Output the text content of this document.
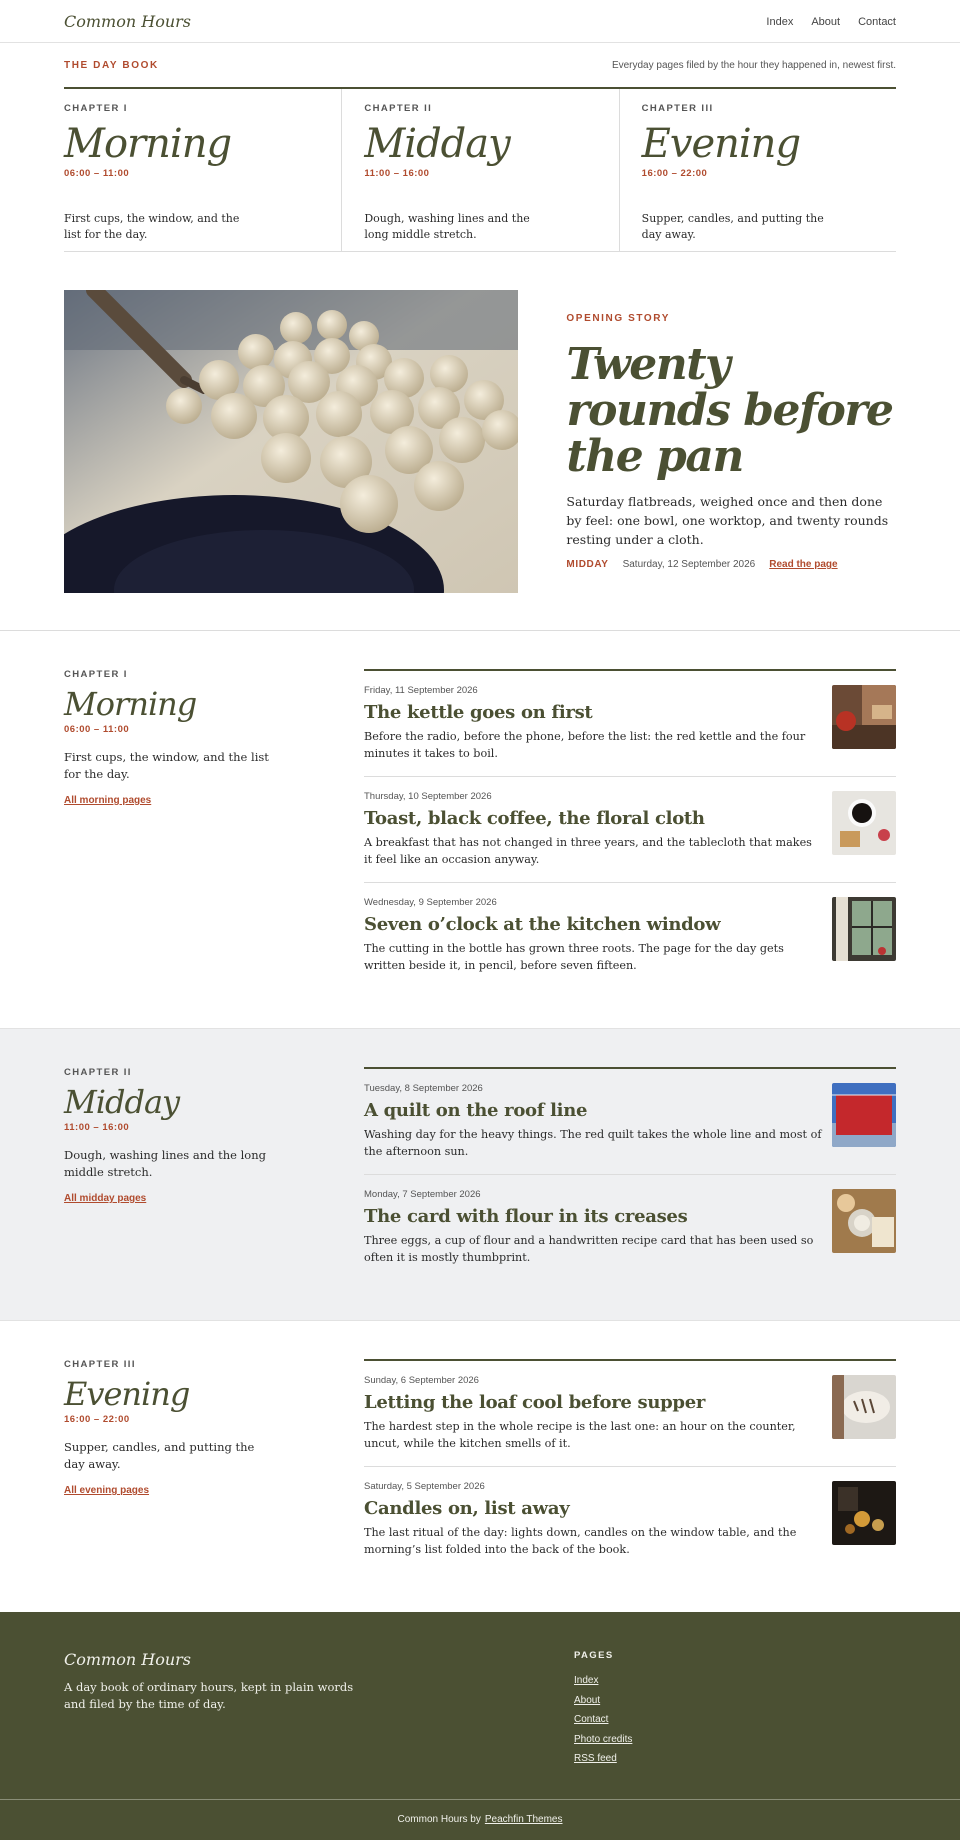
Common Hours	Index About Contact
THE DAY BOOK	Everyday pages filed by the hour they happened in, newest first.
CHAPTER I
Morning
06:00 – 11:00
First cups, the window, and the list for the day.
CHAPTER II
Midday
11:00 – 16:00
Dough, washing lines and the long middle stretch.
CHAPTER III
Evening
16:00 – 22:00
Supper, candles, and putting the day away.
OPENING STORY
Twenty rounds before the pan

Saturday flatbreads, weighed once and then done by feel: one bowl, one worktop, and twenty rounds resting under a cloth.

MIDDAY Saturday, 12 September 2026 Read the page
CHAPTER I
Morning
06:00 – 11:00
First cups, the window, and the list for the day.
All morning pages
Friday, 11 September 2026
The kettle goes on first

Before the radio, before the phone, before the list: the red kettle and the four minutes it takes to boil.

Thursday, 10 September 2026
Toast, black coffee, the floral cloth

A breakfast that has not changed in three years, and the tablecloth that makes it feel like an occasion anyway.

Wednesday, 9 September 2026
Seven o’clock at the kitchen window

The cutting in the bottle has grown three roots. The page for the day gets written beside it, in pencil, before seven fifteen.

CHAPTER II
Midday
11:00 – 16:00
Dough, washing lines and the long middle stretch.
All midday pages
Tuesday, 8 September 2026
A quilt on the roof line

Washing day for the heavy things. The red quilt takes the whole line and most of the afternoon sun.

Monday, 7 September 2026
The card with flour in its creases

Three eggs, a cup of flour and a handwritten recipe card that has been used so often it is mostly thumbprint.

CHAPTER III
Evening
16:00 – 22:00
Supper, candles, and putting the day away.
All evening pages
Sunday, 6 September 2026
Letting the loaf cool before supper

The hardest step in the whole recipe is the last one: an hour on the counter, uncut, while the kitchen smells of it.

Saturday, 5 September 2026
Candles on, list away

The last ritual of the day: lights down, candles on the window table, and the morning’s list folded into the back of the book.

Common Hours

A day book of ordinary hours, kept in plain words and filed by the time of day.

PAGES
Index
About
Contact
Photo credits
RSS feed
Common Hours by Peachfin Themes
